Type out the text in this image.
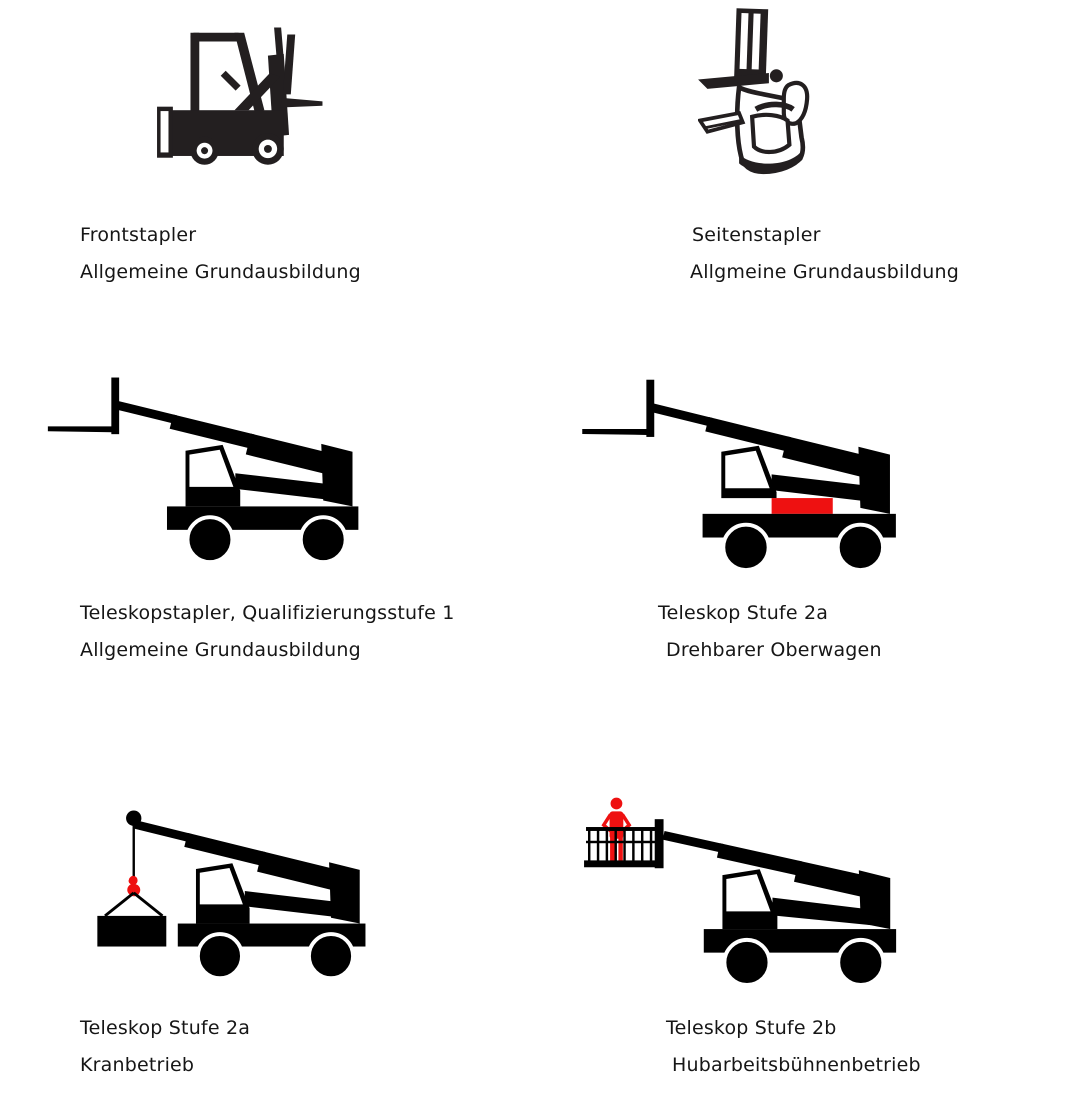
Frontstapler
Allgemeine Grundausbildung
Seitenstapler
Allgmeine Grundausbildung
Teleskopstapler, Qualifizierungsstufe 1
Allgemeine Grundausbildung
Teleskop Stufe 2a
Drehbarer Oberwagen
Teleskop Stufe 2a
Kranbetrieb
Teleskop Stufe 2b
Hubarbeitsbühnenbetrieb
